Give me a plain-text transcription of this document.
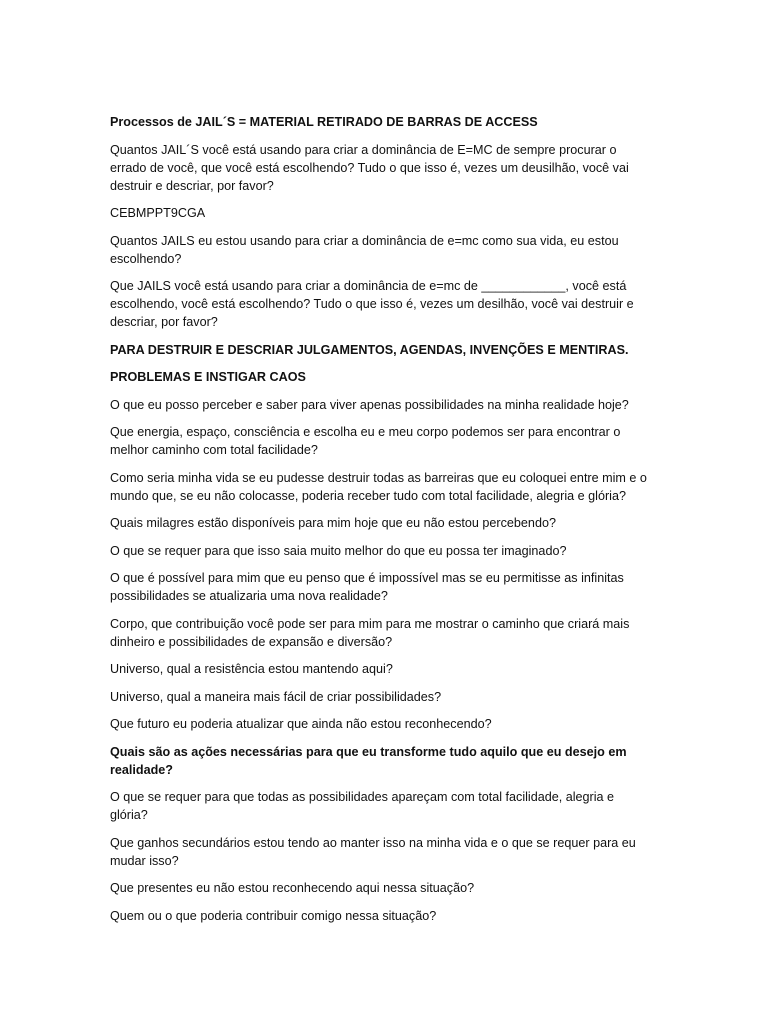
Processos de JAIL´S = MATERIAL RETIRADO DE BARRAS DE ACCESS

Quantos JAIL´S você está usando para criar a dominância de E=MC de sempre procurar o errado de você, que você está escolhendo? Tudo o que isso é, vezes um deusilhão, você vai destruir e descriar, por favor?

CEBMPPT9CGA

Quantos JAILS eu estou usando para criar a dominância de e=mc como sua vida, eu estou escolhendo?

Que JAILS você está usando para criar a dominância de e=mc de ____________, você está escolhendo, você está escolhendo? Tudo o que isso é, vezes um desilhão, você vai destruir e descriar, por favor?

PARA DESTRUIR E DESCRIAR JULGAMENTOS, AGENDAS, INVENÇÕES E MENTIRAS.

PROBLEMAS E INSTIGAR CAOS

O que eu posso perceber e saber para viver apenas possibilidades na minha realidade hoje?

Que energia, espaço, consciência e escolha eu e meu corpo podemos ser para encontrar o melhor caminho com total facilidade?

Como seria minha vida se eu pudesse destruir todas as barreiras que eu coloquei entre mim e o mundo que, se eu não colocasse, poderia receber tudo com total facilidade, alegria e glória?

Quais milagres estão disponíveis para mim hoje que eu não estou percebendo?

O que se requer para que isso saia muito melhor do que eu possa ter imaginado?

O que é possível para mim que eu penso que é impossível mas se eu permitisse as infinitas possibilidades se atualizaria uma nova realidade?

Corpo, que contribuição você pode ser para mim para me mostrar o caminho que criará mais dinheiro e possibilidades de expansão e diversão?

Universo, qual a resistência estou mantendo aqui?

Universo, qual a maneira mais fácil de criar possibilidades?

Que futuro eu poderia atualizar que ainda não estou reconhecendo?

Quais são as ações necessárias para que eu transforme tudo aquilo que eu desejo em realidade?

O que se requer para que todas as possibilidades apareçam com total facilidade, alegria e glória?

Que ganhos secundários estou tendo ao manter isso na minha vida e o que se requer para eu mudar isso?

Que presentes eu não estou reconhecendo aqui nessa situação?

Quem ou o que poderia contribuir comigo nessa situação?
